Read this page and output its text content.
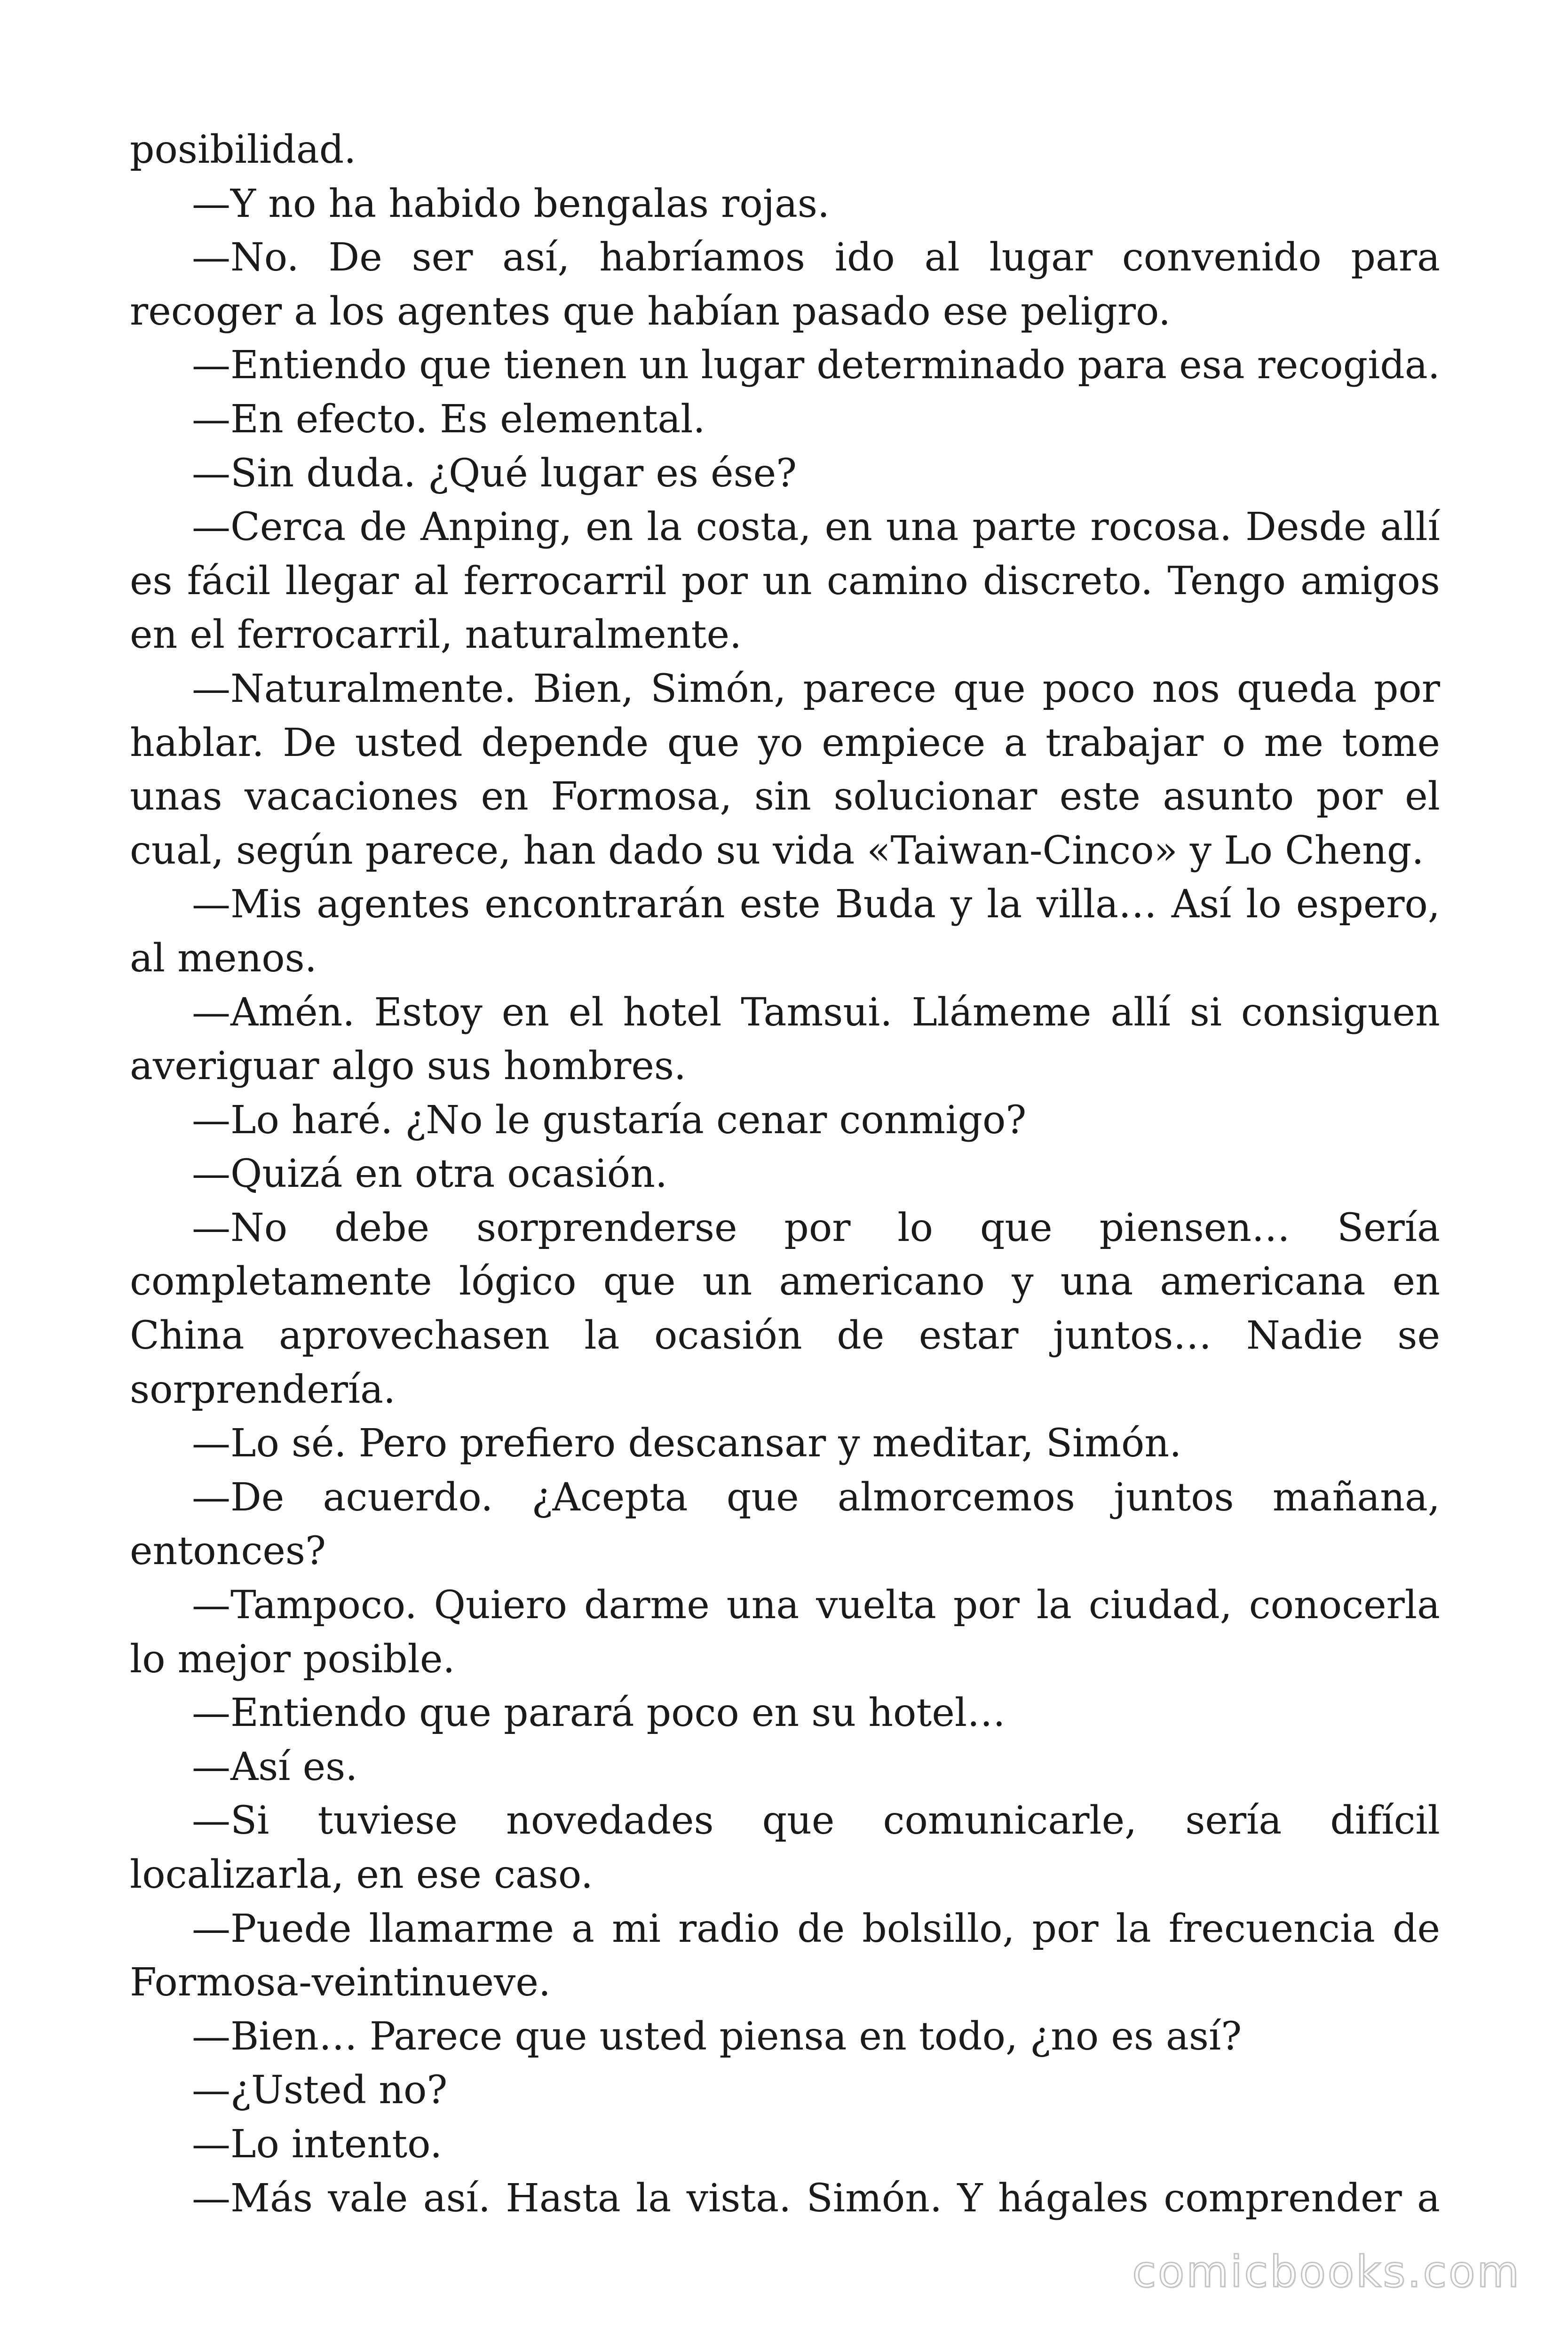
posibilidad.

—Y no ha habido bengalas rojas.

—No. De ser así, habríamos ido al lugar convenido para recoger a los agentes que habían pasado ese peligro.

—Entiendo que tienen un lugar determinado para esa recogida.

—En efecto. Es elemental.

—Sin duda. ¿Qué lugar es ése?

—Cerca de Anping, en la costa, en una parte rocosa. Desde allí es fácil llegar al ferrocarril por un camino discreto. Tengo amigos en el ferrocarril, naturalmente.

—Naturalmente. Bien, Simón, parece que poco nos queda por hablar. De usted depende que yo empiece a trabajar o me tome unas vacaciones en Formosa, sin solucionar este asunto por el cual, según parece, han dado su vida «Taiwan-Cinco» y Lo Cheng.

—Mis agentes encontrarán este Buda y la villa… Así lo espero, al menos.

—Amén. Estoy en el hotel Tamsui. Llámeme allí si consiguen averiguar algo sus hombres.

—Lo haré. ¿No le gustaría cenar conmigo?

—Quizá en otra ocasión.

—No debe sorprenderse por lo que piensen… Sería completamente lógico que un americano y una americana en China aprovechasen la ocasión de estar juntos… Nadie se sorprendería.

—Lo sé. Pero prefiero descansar y meditar, Simón.

—De acuerdo. ¿Acepta que almorcemos juntos mañana, entonces?

—Tampoco. Quiero darme una vuelta por la ciudad, conocerla lo mejor posible.

—Entiendo que parará poco en su hotel…

—Así es.

—Si tuviese novedades que comunicarle, sería difícil localizarla, en ese caso.

—Puede llamarme a mi radio de bolsillo, por la frecuencia de Formosa-veintinueve.

—Bien… Parece que usted piensa en todo, ¿no es así?

—¿Usted no?

—Lo intento.

—Más vale así. Hasta la vista. Simón. Y hágales comprender a

comicbooks.com
